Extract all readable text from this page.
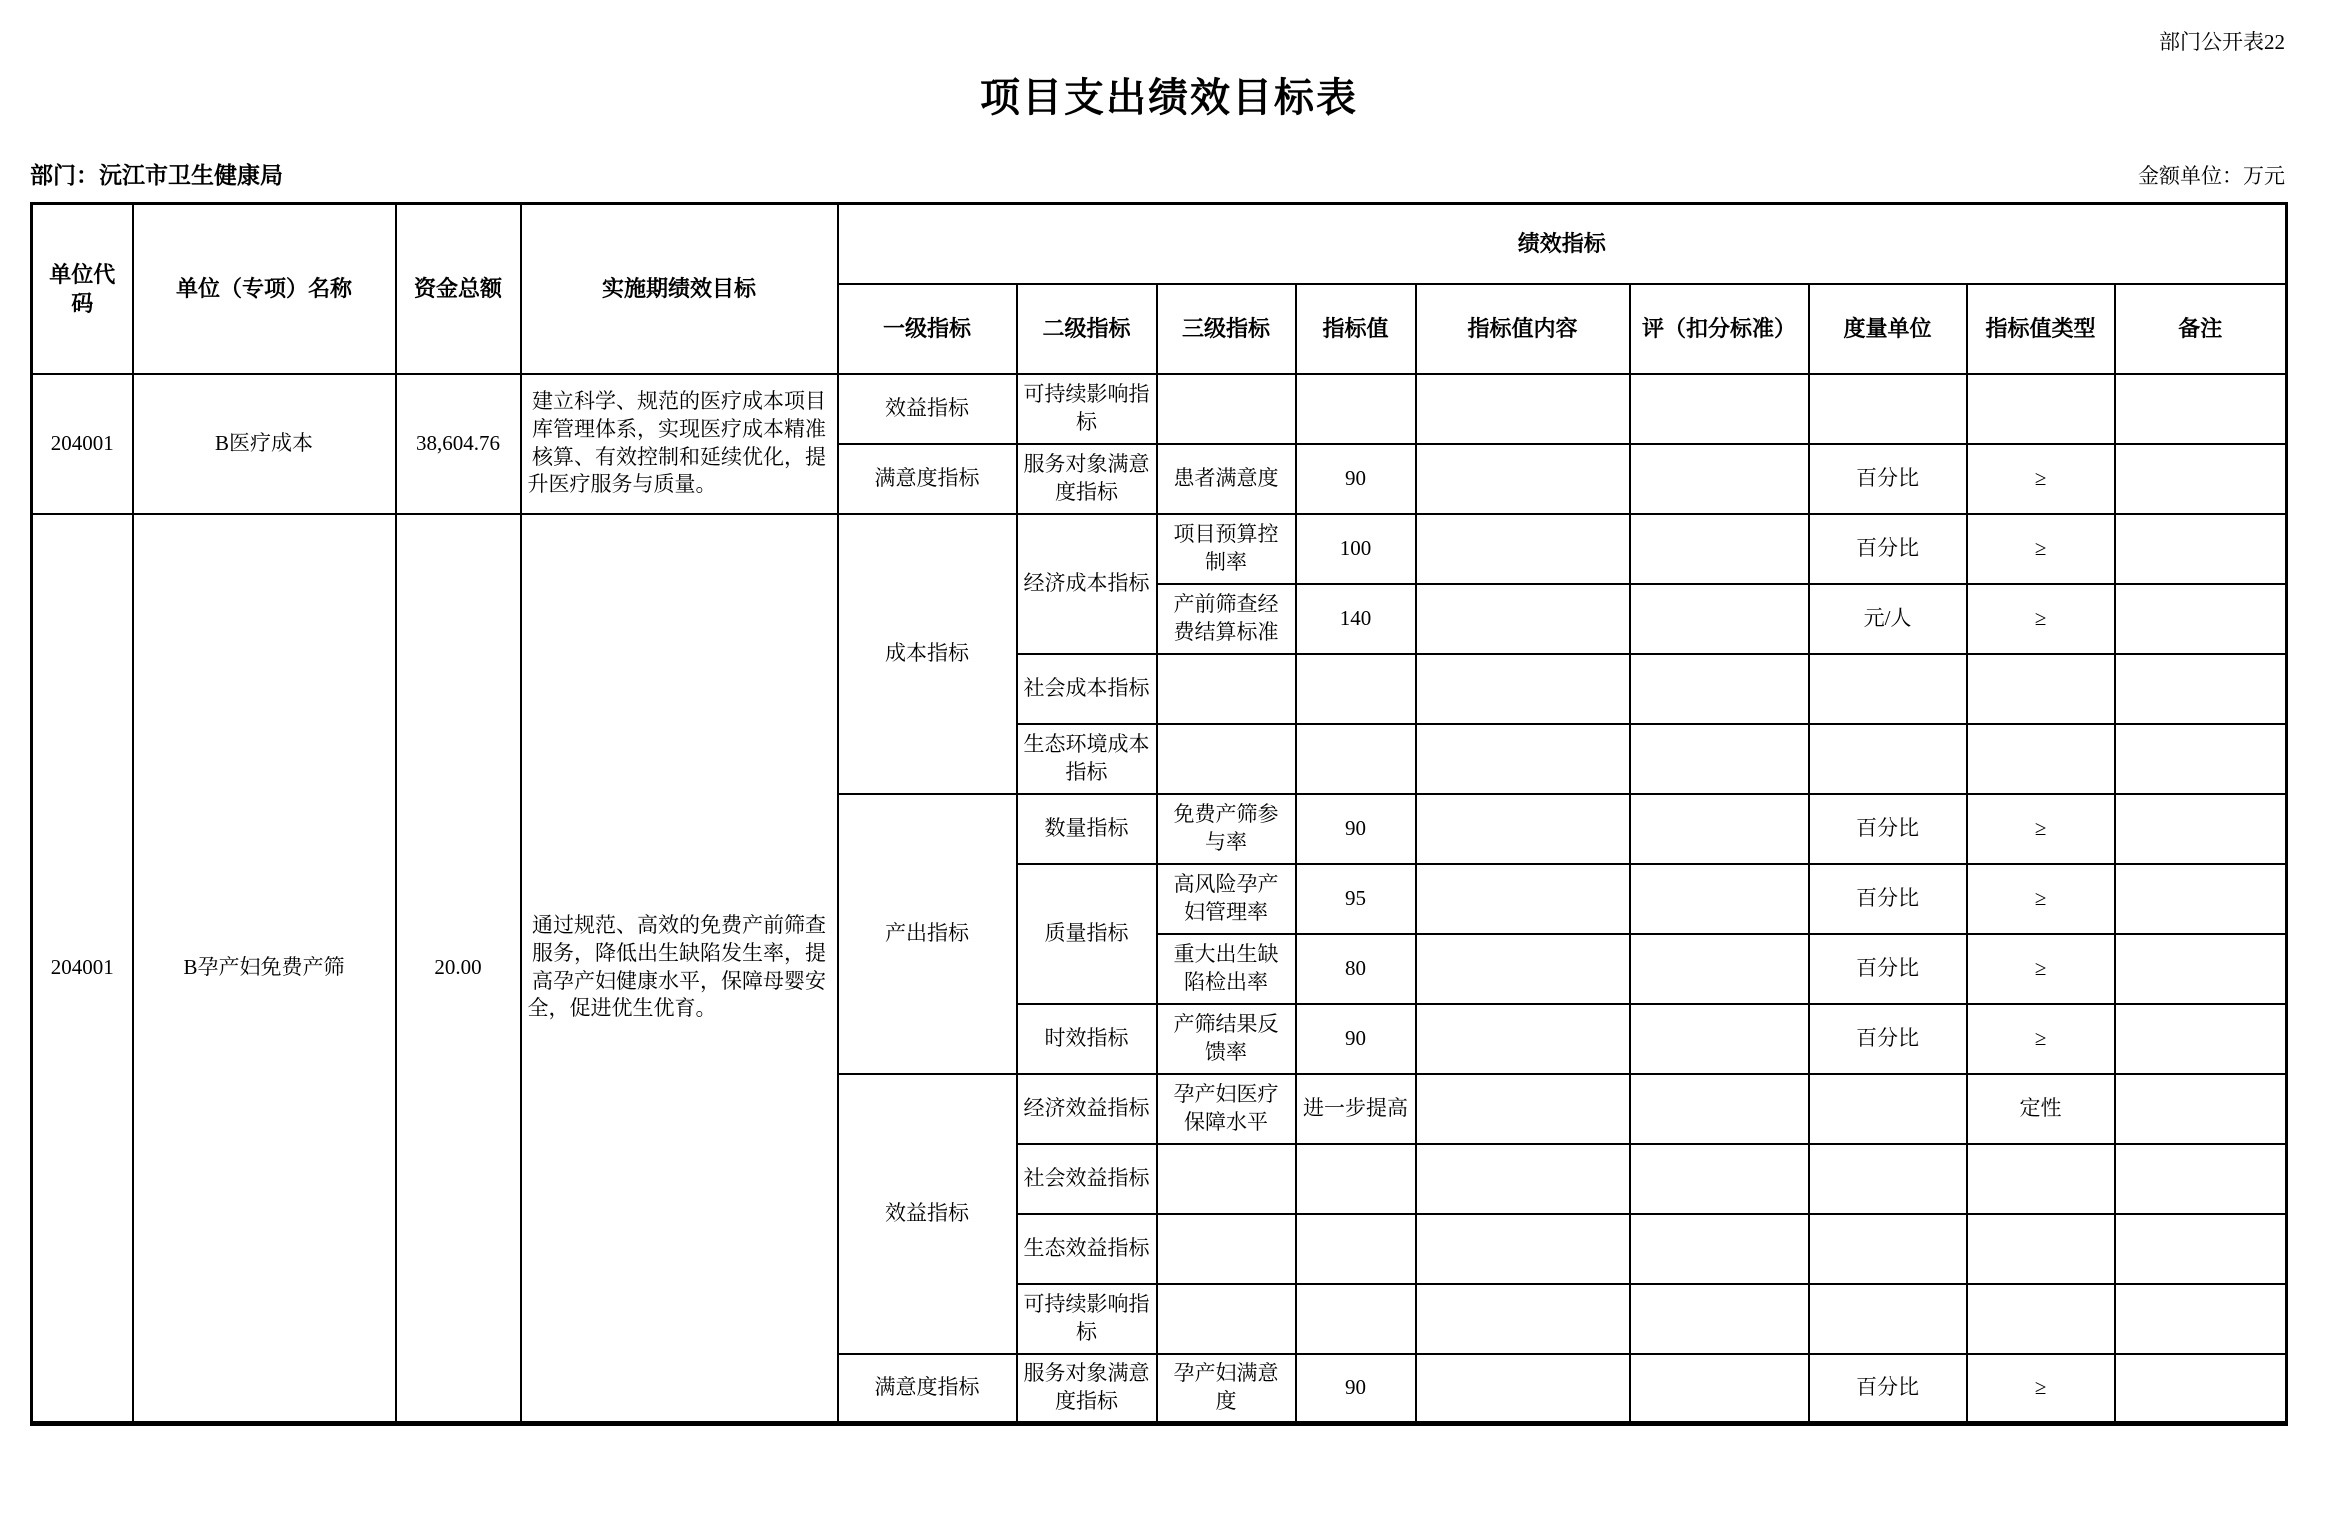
部门公开表22
项目支出绩效目标表
部门：沅江市卫生健康局	金额单位：万元
单位代码	单位（专项）名称	资金总额	实施期绩效目标	绩效指标								
				一级指标	二级指标	三级指标	指标值	指标值内容	评（扣分标准）	度量单位	指标值类型	备注
204001	B医疗成本	38,604.76	建立科学、规范的医疗成本项目库管理体系，实现医疗成本精准核算、有效控制和延续优化，提升医疗服务与质量。	效益指标	可持续影响指标							
				满意度指标	服务对象满意度指标	患者满意度	90			百分比	≥	
204001	B孕产妇免费产筛	20.00	通过规范、高效的免费产前筛查服务，降低出生缺陷发生率，提高孕产妇健康水平，保障母婴安全，促进优生优育。	成本指标	经济成本指标	项目预算控制率	100			百分比	≥	
						产前筛查经费结算标准	140			元/人	≥	
					社会成本指标							
					生态环境成本指标							
				产出指标	数量指标	免费产筛参与率	90			百分比	≥	
					质量指标	高风险孕产妇管理率	95			百分比	≥	
						重大出生缺陷检出率	80			百分比	≥	
					时效指标	产筛结果反馈率	90			百分比	≥	
				效益指标	经济效益指标	孕产妇医疗保障水平	进一步提高				定性	
					社会效益指标							
					生态效益指标							
					可持续影响指标							
				满意度指标	服务对象满意度指标	孕产妇满意度	90			百分比	≥	
